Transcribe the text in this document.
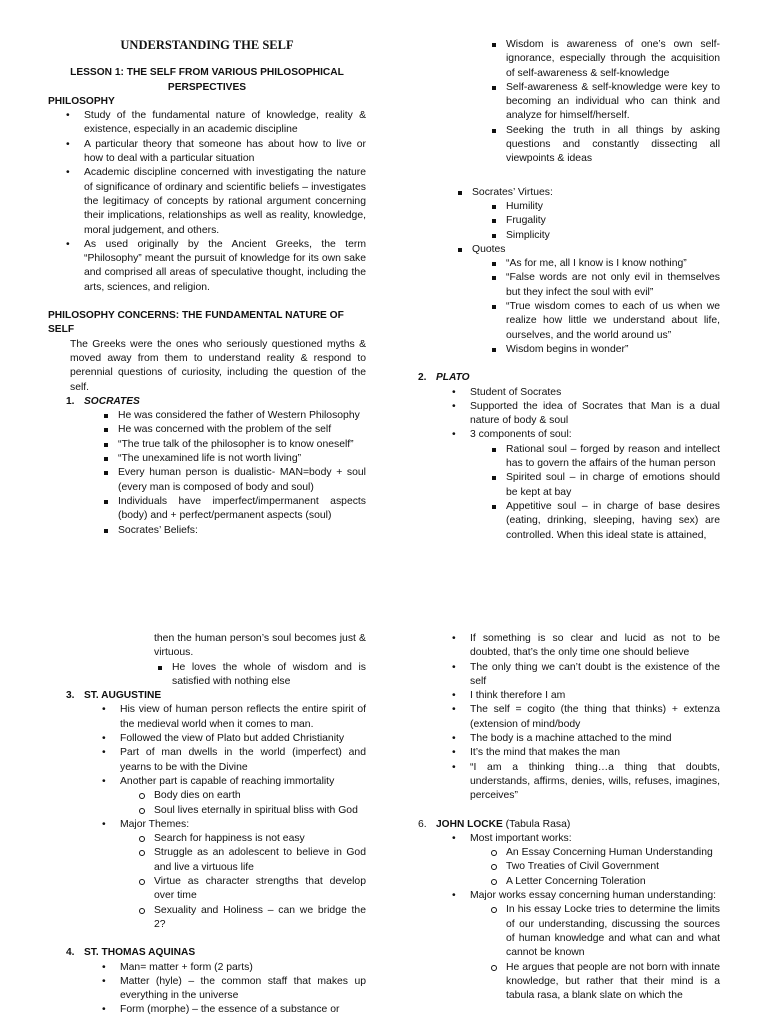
UNDERSTANDING THE SELF

LESSON 1: THE SELF FROM VARIOUS PHILOSOPHICAL

PERSPECTIVES

PHILOSOPHY

• Study of the fundamental nature of knowledge, reality & existence, especially in an academic discipline
• A particular theory that someone has about how to live or how to deal with a particular situation
• Academic discipline concerned with investigating the nature of significance of ordinary and scientific beliefs – investigates the legitimacy of concepts by rational argument concerning their implications, relationships as well as reality, knowledge, moral judgement, and others.
• As used originally by the Ancient Greeks, the term “Philosophy” meant the pursuit of knowledge for its own sake and comprised all areas of speculative thought, including the arts, sciences, and religion.

PHILOSOPHY CONCERNS: THE FUNDAMENTAL NATURE OF SELF

The Greeks were the ones who seriously questioned myths & moved away from them to understand reality & respond to perennial questions of curiosity, including the question of the self.

1. SOCRATES

He was considered the father of Western Philosophy
He was concerned with the problem of the self
“The true talk of the philosopher is to know oneself”
“The unexamined life is not worth living”
Every human person is dualistic- MAN=body + soul (every man is composed of body and soul)
Individuals have imperfect/impermanent aspects (body) and + perfect/permanent aspects (soul)
Socrates’ Beliefs:
Wisdom is awareness of one’s own self-ignorance, especially through the acquisition of self-awareness & self-knowledge
Self-awareness & self-knowledge were key to becoming an individual who can think and analyze for himself/herself.
Seeking the truth in all things by asking questions and constantly dissecting all viewpoints & ideas
Socrates’ Virtues:
Humility
Frugality
Simplicity
Quotes
“As for me, all I know is I know nothing”
“False words are not only evil in themselves but they infect the soul with evil”
“True wisdom comes to each of us when we realize how little we understand about life, ourselves, and the world around us”
Wisdom begins in wonder”

2. PLATO

• Student of Socrates
• Supported the idea of Socrates that Man is a dual nature of body & soul
• 3 components of soul:
Rational soul – forged by reason and intellect has to govern the affairs of the human person
Spirited soul – in charge of emotions should be kept at bay
Appetitive soul – in charge of base desires (eating, drinking, sleeping, having sex) are controlled. When this ideal state is attained,

then the human person’s soul becomes just & virtuous.

He loves the whole of wisdom and is satisfied with nothing else

3. ST. AUGUSTINE

• His view of human person reflects the entire spirit of the medieval world when it comes to man.
• Followed the view of Plato but added Christianity
• Part of man dwells in the world (imperfect) and yearns to be with the Divine
• Another part is capable of reaching immortality
Body dies on earth
Soul lives eternally in spiritual bliss with God
• Major Themes:
Search for happiness is not easy
Struggle as an adolescent to believe in God and live a virtuous life
Virtue as character strengths that develop over time
Sexuality and Holiness – can we bridge the 2?

4. ST. THOMAS AQUINAS

• Man= matter + form (2 parts)
• Matter (hyle) – the common staff that makes up everything in the universe
• Form (morphe) – the essence of a substance or
• If something is so clear and lucid as not to be doubted, that’s the only time one should believe
• The only thing we can’t doubt is the existence of the self
• I think therefore I am
• The self = cogito (the thing that thinks) + extenza (extension of mind/body
• The body is a machine attached to the mind
• It’s the mind that makes the man
• “I am a thinking thing…a thing that doubts, understands, affirms, denies, wills, refuses, imagines, perceives”

6. JOHN LOCKE (Tabula Rasa)

• Most important works:
An Essay Concerning Human Understanding
Two Treaties of Civil Government
A Letter Concerning Toleration
• Major works essay concerning human understanding:
In his essay Locke tries to determine the limits of our understanding, discussing the sources of human knowledge and what can and what cannot be known
He argues that people are not born with innate knowledge, but rather that their mind is a tabula rasa, a blank slate on which the
